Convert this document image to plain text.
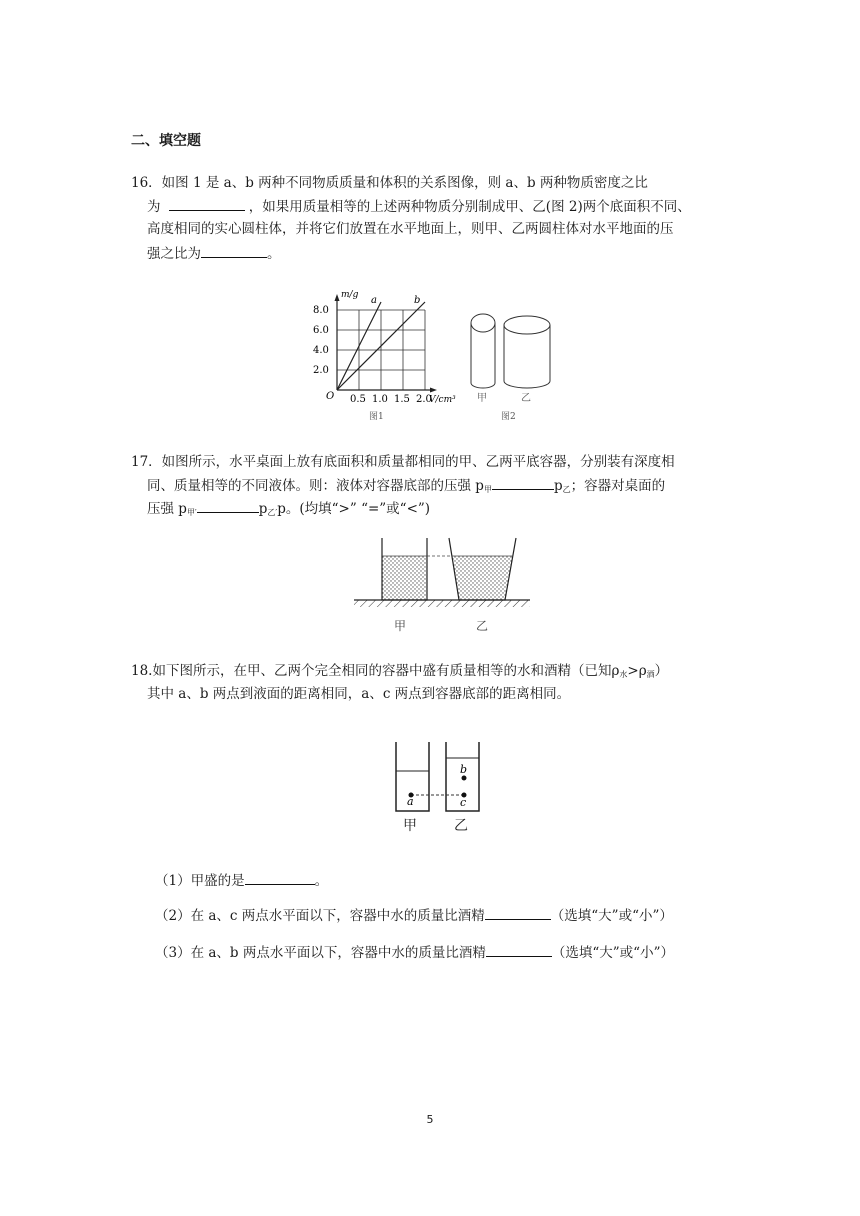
二、填空题
16．如图 1 是 a、b 两种不同物质质量和体积的关系图像，则 a、b 两种物质密度之比
为	，如果用质量相等的上述两种物质分别制成甲、乙(图 2)两个底面积不同、
高度相同的实心圆柱体，并将它们放置在水平地面上，则甲、乙两圆柱体对水平地面的压
强之比为	。
a	b
m/g
8.0
6.0
4.0
2.0
O 0.5 1.0 1.5 2.0
V/cm³
图1
甲	乙
图2
17．如图所示，水平桌面上放有底面积和质量都相同的甲、乙两平底容器，分别装有深度相
同、质量相等的不同液体。则：液体对容器底部的压强 $p_甲$	$p_乙$；容器对桌面的
压强 $p_{甲'}$	$p_{乙'}p$。(均填“>” “=”或“<”)
甲	乙
18.如下图所示，在甲、乙两个完全相同的容器中盛有质量相等的水和酒精（已知$\rho_水>\rho_酒$）
其中 a、b 两点到液面的距离相同，a、c 两点到容器底部的距离相同。
a
b
c
甲	乙
（1）甲盛的是	。
（2）在 a、c 两点水平面以下，容器中水的质量比酒精	（选填“大”或“小”）
（3）在 a、b 两点水平面以下，容器中水的质量比酒精	（选填“大”或“小”）
5
